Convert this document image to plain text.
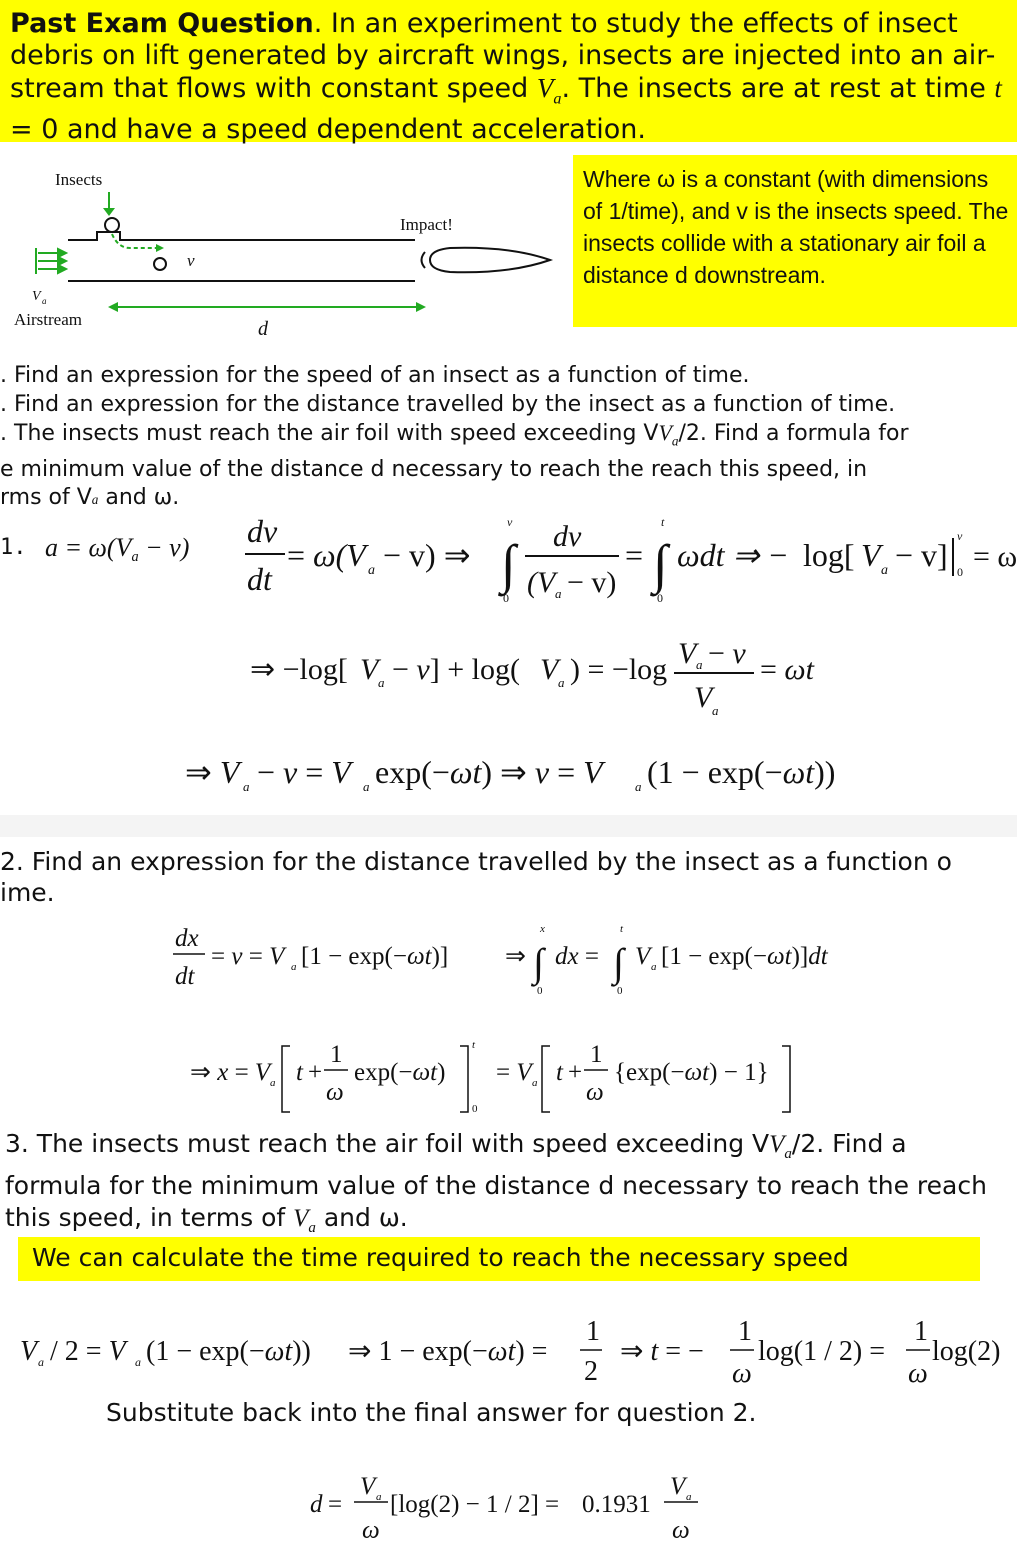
Past Exam Question. In an experiment to study the effects of insect debris on lift generated by aircraft wings, insects are injected into an air-stream that flows with constant speed $V_a$. The insects are at rest at time t = 0 and have a speed dependent acceleration.
Insects
v
V a
Airstream	d
Impact!
Where ω is a constant (with dimensions of 1/time), and v is the insects speed. The insects collide with a stationary air foil a distance d downstream.
. Find an expression for the speed of an insect as a function of time.
. Find an expression for the distance travelled by the insect as a function of time.
. The insects must reach the air foil with speed exceeding $VV_a/2$. Find a formula for
e minimum value of the distance d necessary to reach the reach this speed, in
rms of Va and ω.
1. $a = \omega(V_a - v)$ dv
dt
= ω(V a − v) ⇒ ∫
v
0
dv
(V a − v)
= ∫
t
0
ωdt ⇒ − log[ V a − v]
v
0 = ω
⇒ −log[ V a − v] + log( V a ) = −log V a − v
V a
= ωt
⇒ V a − v = V a exp(−ωt) ⇒ v = V a (1 − exp(−ωt))
2. Find an expression for the distance travelled by the insect as a function o
ime.
dx
dt
= v = V a [1 − exp(−ωt)] ⇒ ∫
x
0
dx = ∫
t
0
V a [1 − exp(−ωt)]dt
⇒ x = V a t +
1
ω
exp(−ωt)
t
0
= V a t +
1
ω
{exp(−ωt) − 1}
3. The insects must reach the air foil with speed exceeding $VV_a/2$. Find a formula for the minimum value of the distance d necessary to reach the reach this speed, in terms of $V_a$ and ω.
We can calculate the time required to reach the necessary speed
V a / 2 = V a (1 − exp(−ωt)) ⇒ 1 − exp(−ωt) =
1
2
⇒ t = −
1
ω
log(1 / 2) =
1
ω
log(2)
Substitute back into the final answer for question 2.
d =
V a
ω
[log(2) − 1 / 2] = 0.1931
V a
ω
